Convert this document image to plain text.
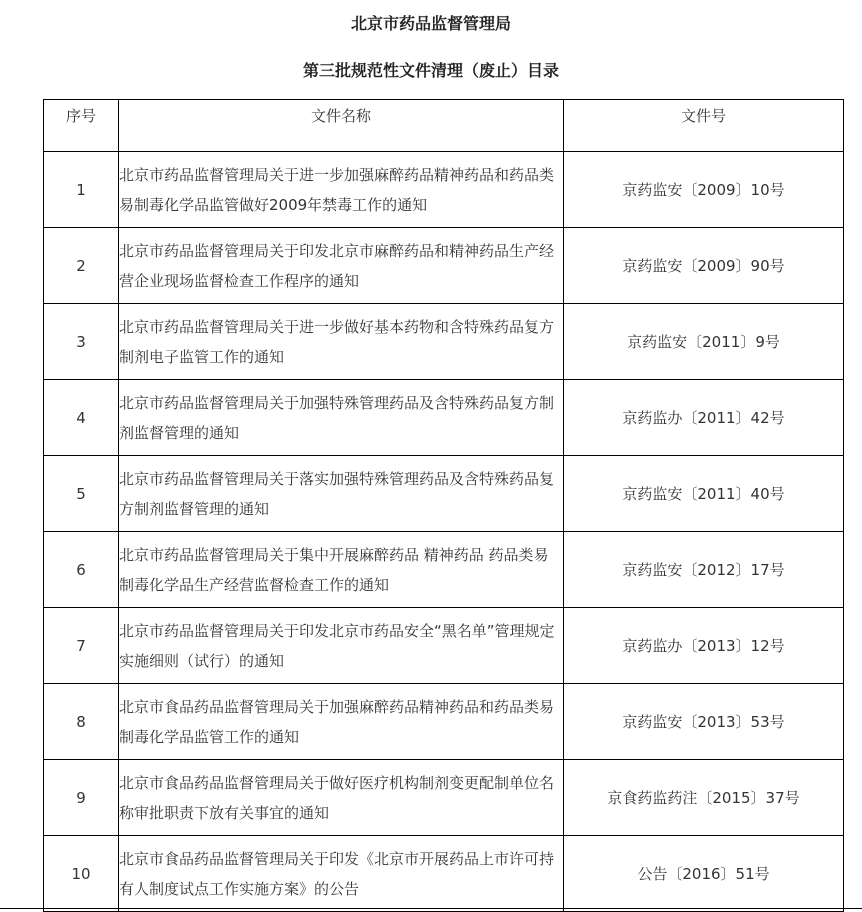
北京市药品监督管理局
第三批规范性文件清理（废止）目录
序号	文件名称	文件号
1	北京市药品监督管理局关于进一步加强麻醉药品精神药品和药品类易制毒化学品监管做好2009年禁毒工作的通知	京药监安〔2009〕10号
2	北京市药品监督管理局关于印发北京市麻醉药品和精神药品生产经营企业现场监督检查工作程序的通知	京药监安〔2009〕90号
3	北京市药品监督管理局关于进一步做好基本药物和含特殊药品复方制剂电子监管工作的通知	京药监安〔2011〕9号
4	北京市药品监督管理局关于加强特殊管理药品及含特殊药品复方制剂监督管理的通知	京药监办〔2011〕42号
5	北京市药品监督管理局关于落实加强特殊管理药品及含特殊药品复方制剂监督管理的通知	京药监安〔2011〕40号
6	北京市药品监督管理局关于集中开展麻醉药品 精神药品 药品类易制毒化学品生产经营监督检查工作的通知	京药监安〔2012〕17号
7	北京市药品监督管理局关于印发北京市药品安全“黑名单”管理规定实施细则（试行）的通知	京药监办〔2013〕12号
8	北京市食品药品监督管理局关于加强麻醉药品精神药品和药品类易制毒化学品监管工作的通知	京药监安〔2013〕53号
9	北京市食品药品监督管理局关于做好医疗机构制剂变更配制单位名称审批职责下放有关事宜的通知	京食药监药注〔2015〕37号
10	北京市食品药品监督管理局关于印发《北京市开展药品上市许可持有人制度试点工作实施方案》的公告	公告〔2016〕51号
